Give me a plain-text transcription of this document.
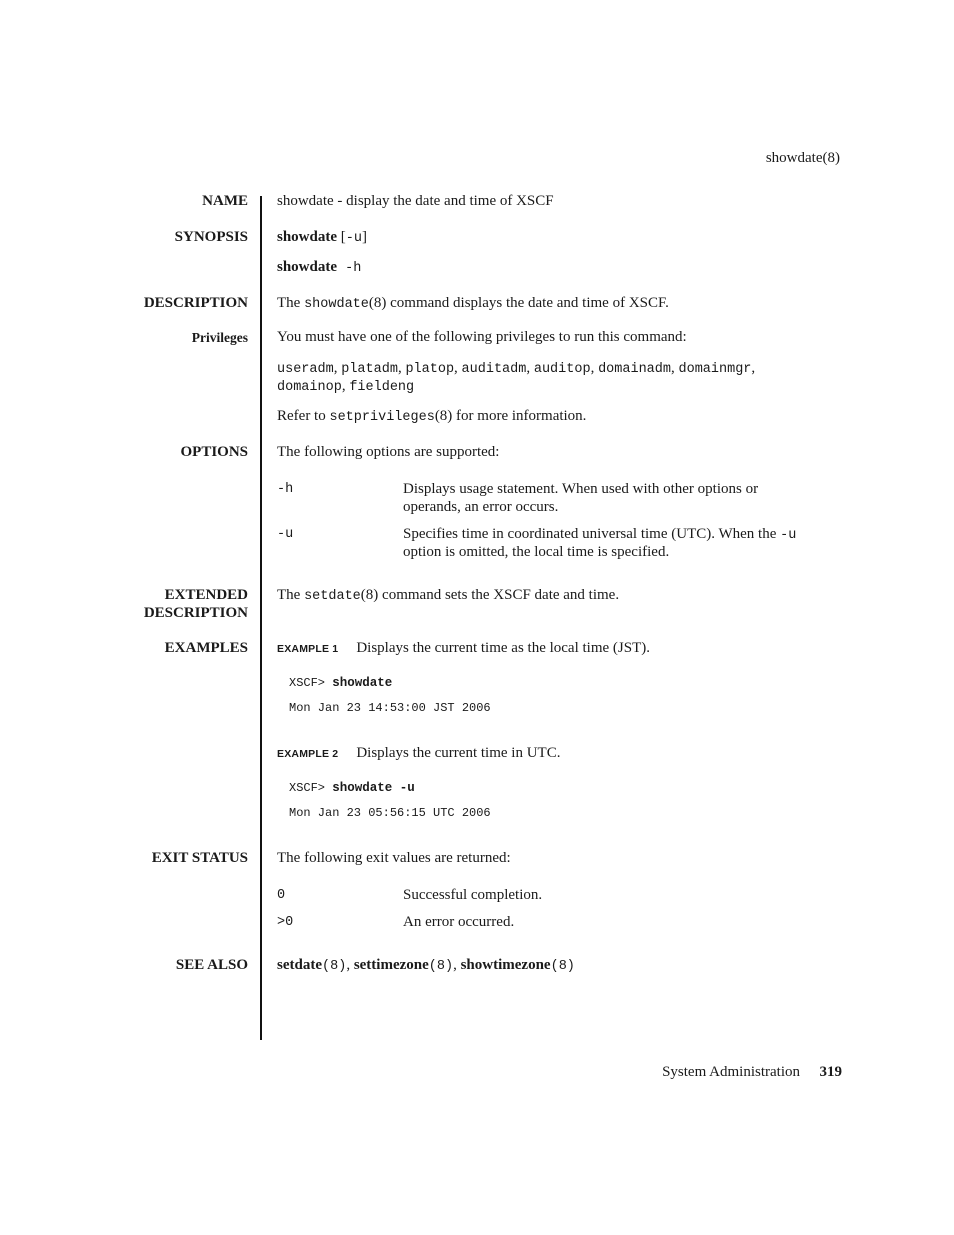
showdate(8)
NAME showdate - display the date and time of XSCF
SYNOPSIS showdate [-u]
showdate -h
DESCRIPTION The showdate(8) command displays the date and time of XSCF.
Privileges You must have one of the following privileges to run this command:
useradm, platadm, platop, auditadm, auditop, domainadm, domainmgr,
domainop, fieldeng
Refer to setprivileges(8) for more information.
OPTIONS The following options are supported:
-h	Displays usage statement. When used with other options or
operands, an error occurs.
-u	Specifies time in coordinated universal time (UTC). When the -u
option is omitted, the local time is specified.
EXTENDED
DESCRIPTION
The setdate(8) command sets the XSCF date and time.
EXAMPLES	EXAMPLE 1 Displays the current time as the local time (JST).
XSCF> showdate
Mon Jan 23 14:53:00 JST 2006
EXAMPLE 2 Displays the current time in UTC.
XSCF> showdate -u
Mon Jan 23 05:56:15 UTC 2006
EXIT STATUS The following exit values are returned:
0	Successful completion.
>0	An error occurred.
SEE ALSO setdate(8), settimezone(8), showtimezone(8)
System Administration 319
